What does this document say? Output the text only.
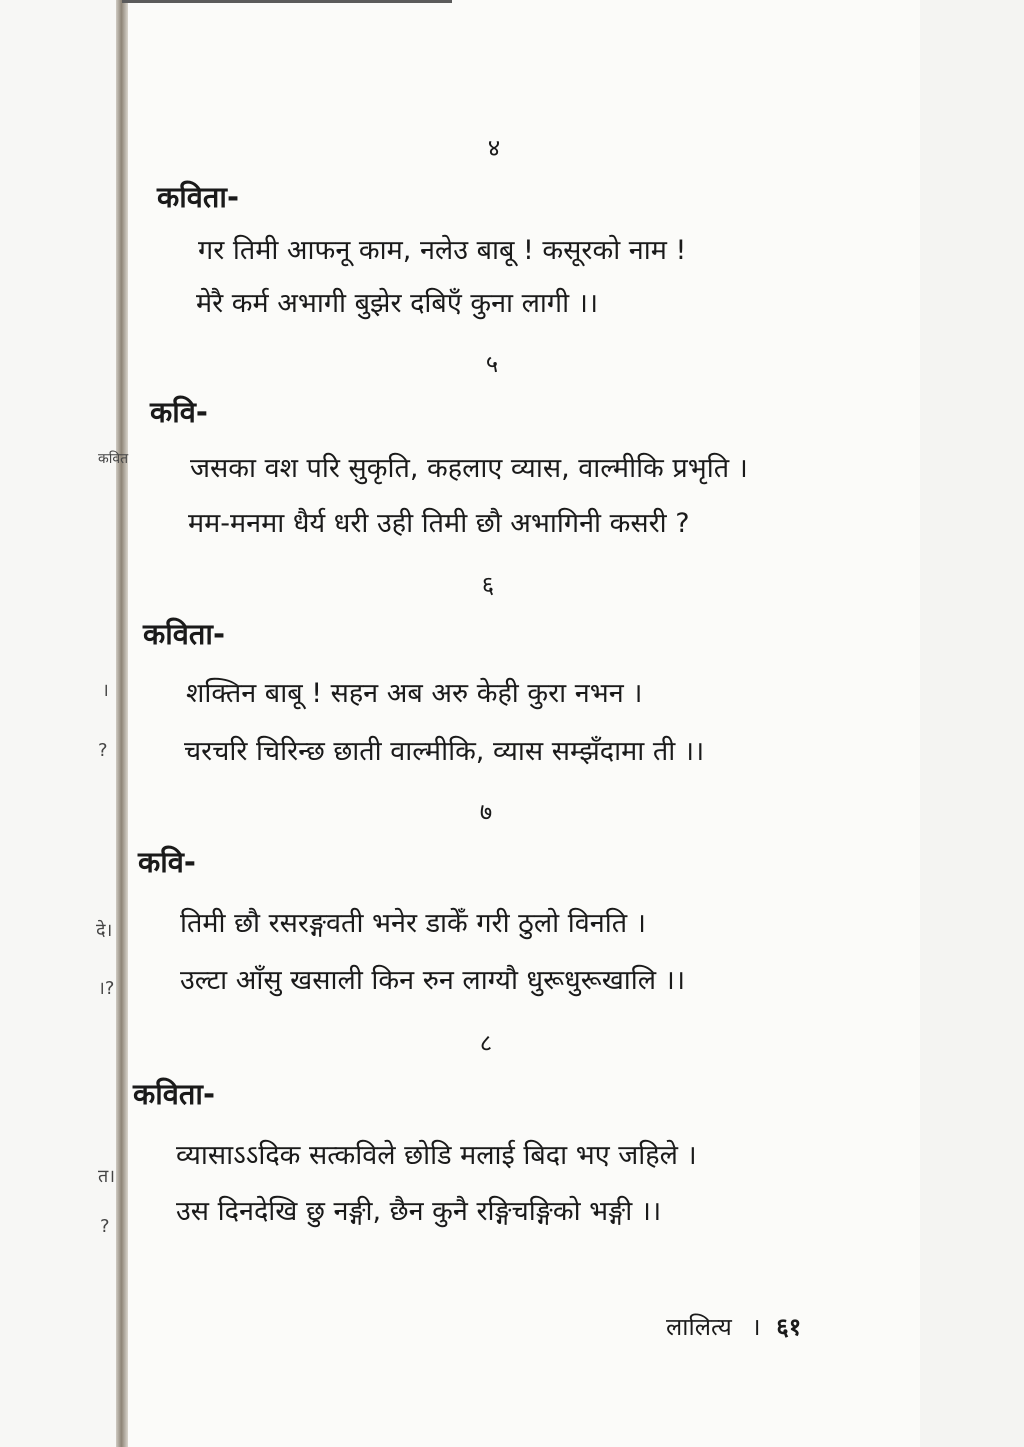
कवित
।
?
दे।
।?
त।
?
४
कविता-
गर तिमी आफनू काम, नलेउ बाबू ! कसूरको नाम !
मेरै कर्म अभागी बुझेर दबिएँ कुना लागी ।।
५
कवि-
जसका वश परि सुकृति, कहलाए व्यास, वाल्मीकि प्रभृति ।
मम-मनमा धैर्य धरी उही तिमी छौ अभागिनी कसरी ?
६
कविता-
शक्तिन बाबू ! सहन अब अरु केही कुरा नभन ।
चरचरि चिरिन्छ छाती वाल्मीकि, व्यास सम्झँदामा ती ।।
७
कवि-
तिमी छौ रसरङ्गवती भनेर डाकेँ गरी ठुलो विनति ।
उल्टा आँसु खसाली किन रुन लाग्यौ धुरूधुरूखालि ।।
८
कविता-
व्यासाऽऽदिक सत्कविले छोडि मलाई बिदा भए जहिले ।
उस दिनदेखि छु नङ्गी, छैन कुनै रङ्गिचङ्गिको भङ्गी ।।
लालित्य । ६१
